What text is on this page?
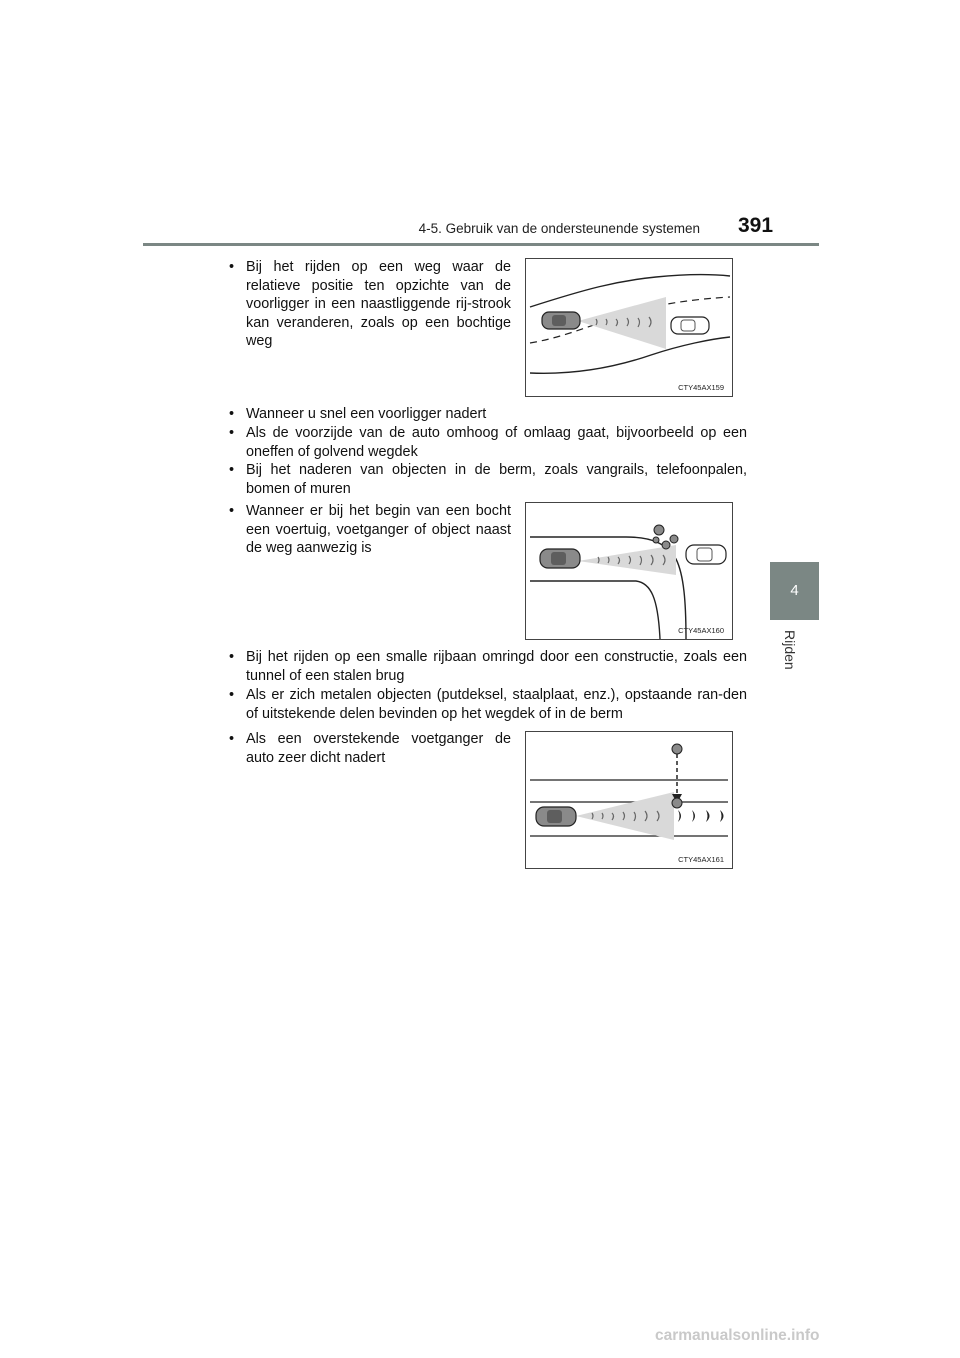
4-5. Gebruik van de ondersteunende systemen 391
4
Rijden
• Bij het rijden op een weg waar de relatieve positie ten opzichte van de voorligger in een naastliggende rij-strook kan veranderen, zoals op een bochtige weg
• Wanneer u snel een voorligger nadert
• Als de voorzijde van de auto omhoog of omlaag gaat, bijvoorbeeld op een oneffen of golvend wegdek
• Bij het naderen van objecten in de berm, zoals vangrails, telefoonpalen, bomen of muren
• Wanneer er bij het begin van een bocht een voertuig, voetganger of object naast de weg aanwezig is
• Bij het rijden op een smalle rijbaan omringd door een constructie, zoals een tunnel of een stalen brug
• Als er zich metalen objecten (putdeksel, staalplaat, enz.), opstaande ran-den of uitstekende delen bevinden op het wegdek of in de berm
• Als een overstekende voetganger de auto zeer dicht nadert
CTY45AX159
CTY45AX160
CTY45AX161
carmanualsonline.info
